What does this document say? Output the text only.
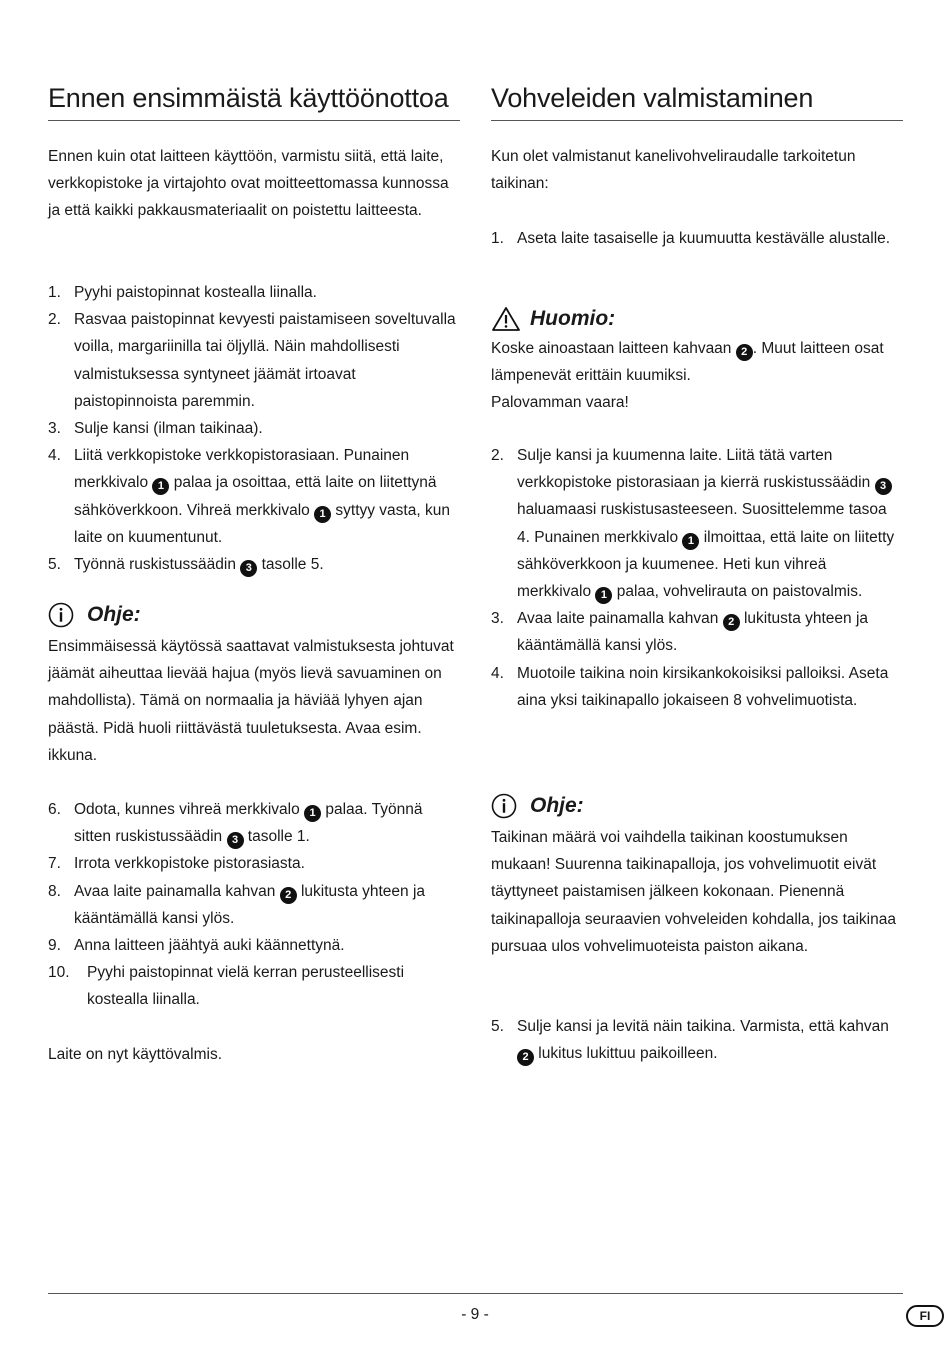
Ennen ensimmäistä käyttöönottoa

Ennen kuin otat laitteen käyttöön, varmistu siitä, että laite, verkkopistoke ja virtajohto ovat moitteettomassa kunnossa ja että kaikki pakkausmateriaalit on poistettu laitteesta.

1. Pyyhi paistopinnat kostealla liinalla.
2. Rasvaa paistopinnat kevyesti paistamiseen soveltuvalla voilla, margariinilla tai öljyllä. Näin mahdollisesti valmistuksessa syntyneet jäämät irtoavat paistopinnoista paremmin.
3. Sulje kansi (ilman taikinaa).
4. Liitä verkkopistoke verkkopistorasiaan. Punainen merkkivalo 1 palaa ja osoittaa, että laite on liitettynä sähköverkkoon. Vihreä merkkivalo 1 syttyy vasta, kun laite on kuumentunut.
5. Työnnä ruskistussäädin 3 tasolle 5.
Ohje:

Ensimmäisessä käytössä saattavat valmistuksesta johtuvat jäämät aiheuttaa lievää hajua (myös lievä savuaminen on mahdollista). Tämä on normaalia ja häviää lyhyen ajan päästä. Pidä huoli riittävästä tuuletuksesta. Avaa esim. ikkuna.

6. Odota, kunnes vihreä merkkivalo 1 palaa. Työnnä sitten ruskistussäädin 3 tasolle 1.
7. Irrota verkkopistoke pistorasiasta.
8. Avaa laite painamalla kahvan 2 lukitusta yhteen ja kääntämällä kansi ylös.
9. Anna laitteen jäähtyä auki käännettynä.
10.	Pyyhi paistopinnat vielä kerran perusteellisesti kostealla liinalla.

Laite on nyt käyttövalmis.

Vohveleiden valmistaminen

Kun olet valmistanut kanelivohveliraudalle tarkoitetun taikinan:

1. Aseta laite tasaiselle ja kuumuutta kestävälle alustalle.
Huomio:

Koske ainoastaan laitteen kahvaan 2 . Muut laitteen osat lämpenevät erittäin kuumiksi.

Palovamman vaara!

2. Sulje kansi ja kuumenna laite. Liitä tätä varten verkkopistoke pistorasiaan ja kierrä ruskistussäädin 3 haluamaasi ruskistusasteeseen. Suosittelemme tasoa 4. Punainen merkkivalo 1 ilmoittaa, että laite on liitetty sähköverkkoon ja kuumenee. Heti kun vihreä merkkivalo 1 palaa, vohvelirauta on paistovalmis.
3. Avaa laite painamalla kahvan 2 lukitusta yhteen ja kääntämällä kansi ylös.
4. Muotoile taikina noin kirsikankokoisiksi palloiksi. Aseta aina yksi taikinapallo jokaiseen 8 vohvelimuotista.
Ohje:

Taikinan määrä voi vaihdella taikinan koostumuksen mukaan! Suurenna taikinapalloja, jos vohvelimuotit eivät täyttyneet paistamisen jälkeen kokonaan. Pienennä taikinapalloja seuraavien vohveleiden kohdalla, jos taikinaa pursuaa ulos vohvelimuoteista paiston aikana.

5. Sulje kansi ja levitä näin taikina. Varmista, että kahvan 2 lukitus lukittuu paikoilleen.
- 9 -	FI
